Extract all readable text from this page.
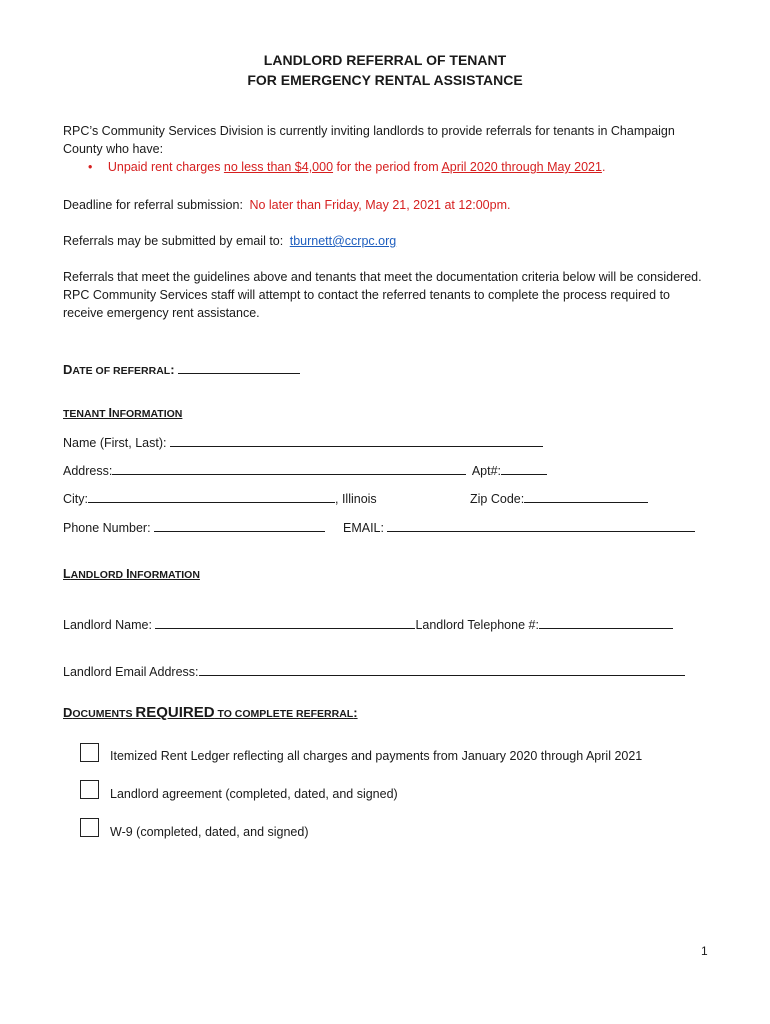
LANDLORD REFERRAL OF TENANT
FOR EMERGENCY RENTAL ASSISTANCE
RPC’s Community Services Division is currently inviting landlords to provide referrals for tenants in Champaign County who have:
• Unpaid rent charges no less than $4,000 for the period from April 2020 through May 2021.
Deadline for referral submission: No later than Friday, May 21, 2021 at 12:00pm.
Referrals may be submitted by email to: tburnett@ccrpc.org
Referrals that meet the guidelines above and tenants that meet the documentation criteria below will be considered. RPC Community Services staff will attempt to contact the referred tenants to complete the process required to receive emergency rent assistance.
DATE OF REFERRAL:
TENANT INFORMATION
Name (First, Last):
Address:	Apt#:
City:	, Illinois	Zip Code:
Phone Number:	EMAIL:
LANDLORD INFORMATION
Landlord Name:	Landlord Telephone #:
Landlord Email Address:
DOCUMENTS REQUIRED TO COMPLETE REFERRAL:
Itemized Rent Ledger reflecting all charges and payments from January 2020 through April 2021
Landlord agreement (completed, dated, and signed)
W-9 (completed, dated, and signed)
1
